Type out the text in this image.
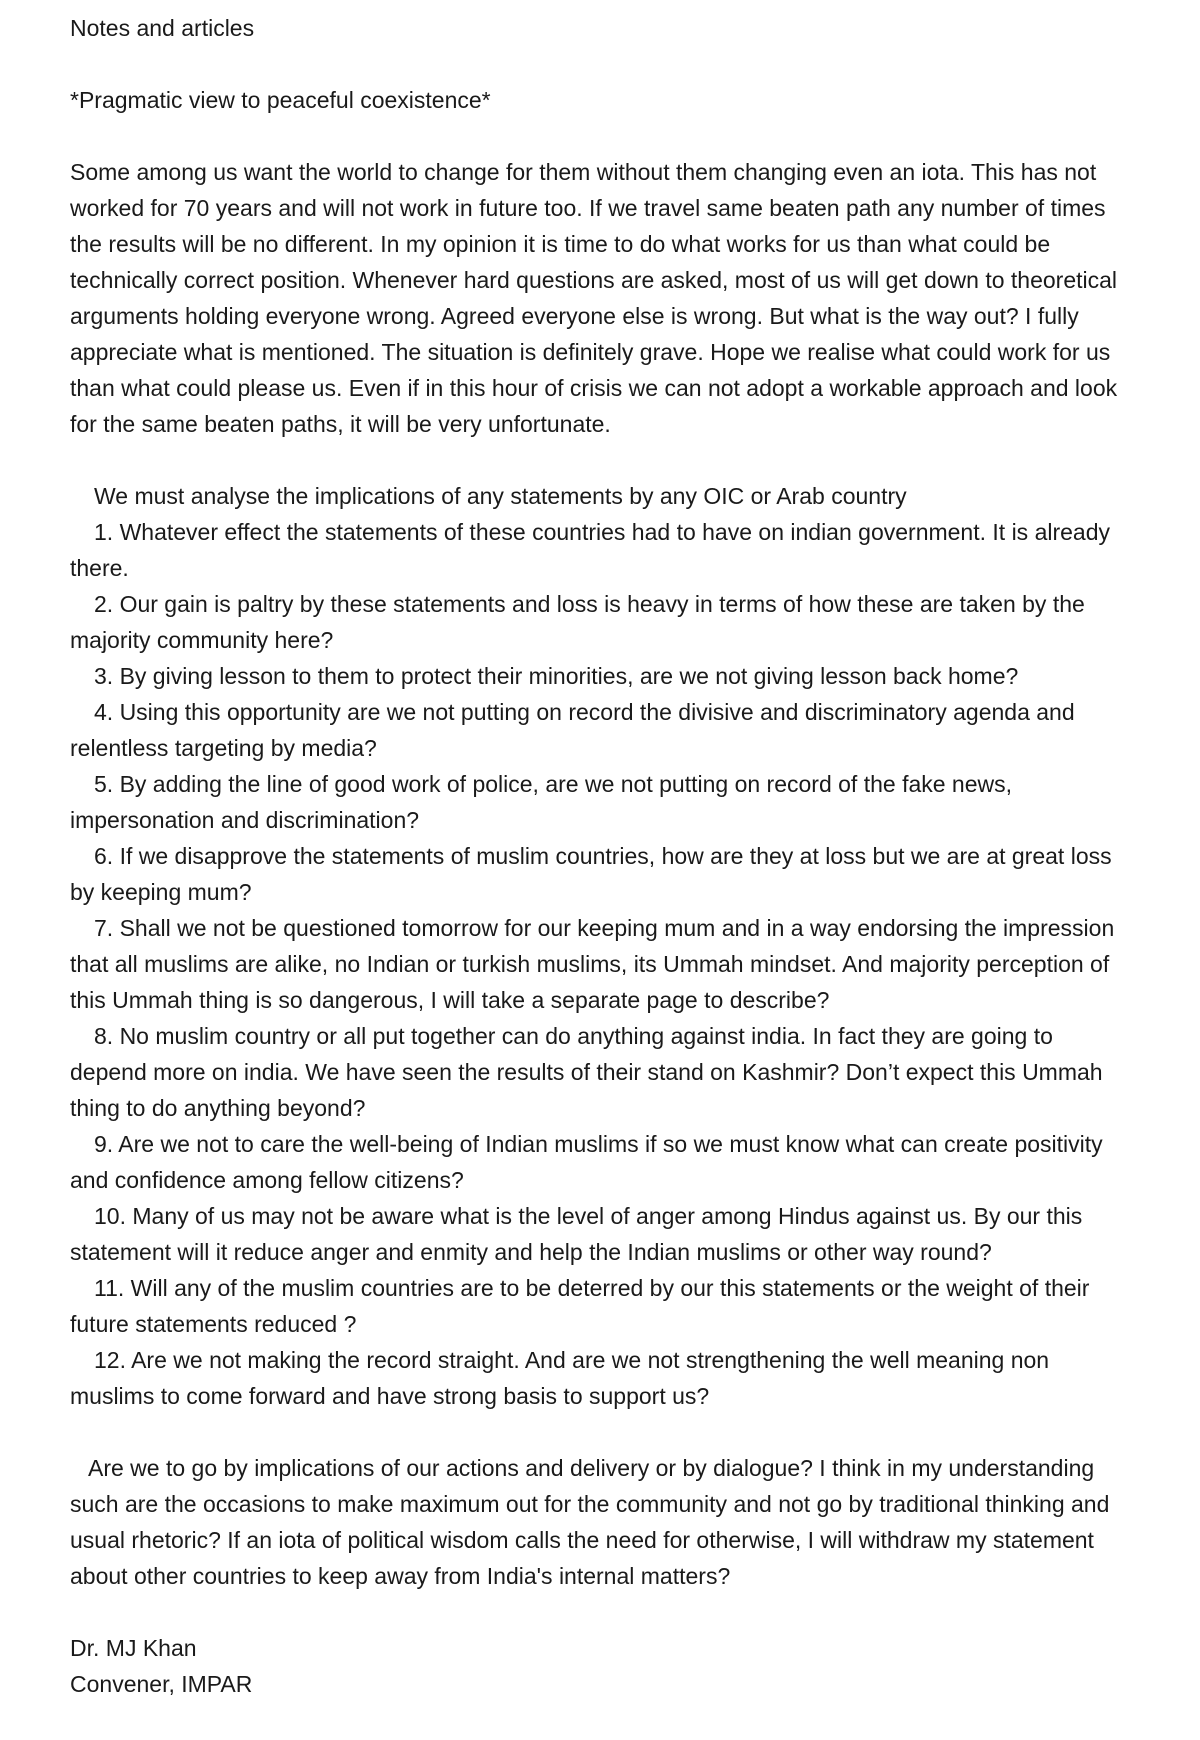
Notes and articles

*Pragmatic view to peaceful coexistence*

Some among us want the world to change for them without them changing even an iota. This has not worked for 70 years and will not work in future too. If we travel same beaten path any number of times the results will be no different. In my opinion it is time to do what works for us than what could be technically correct position. Whenever hard questions are asked, most of us will get down to theoretical arguments holding everyone wrong. Agreed everyone else is wrong. But what is the way out? I fully appreciate what is mentioned. The situation is definitely grave. Hope we realise what could work for us than what could please us. Even if in this hour of crisis we can not adopt a workable approach and look for the same beaten paths, it will be very unfortunate.

We must analyse the implications of any statements by any OIC or Arab country

1. Whatever effect the statements of these countries had to have on indian government. It is already there.
2. Our gain is paltry by these statements and loss is heavy in terms of how these are taken by the majority community here?
3. By giving lesson to them to protect their minorities, are we not giving lesson back home?
4. Using this opportunity are we not putting on record the divisive and discriminatory agenda and relentless targeting by media?
5. By adding the line of good work of police, are we not putting on record of the fake news, impersonation and discrimination?
6. If we disapprove the statements of muslim countries, how are they at loss but we are at great loss by keeping mum?
7. Shall we not be questioned tomorrow for our keeping mum and in a way endorsing the impression that all muslims are alike, no Indian or turkish muslims, its Ummah mindset. And majority perception of this Ummah thing is so dangerous, I will take a separate page to describe?
8. No muslim country or all put together can do anything against india. In fact they are going to depend more on india. We have seen the results of their stand on Kashmir? Don’t expect this Ummah thing to do anything beyond?
9. Are we not to care the well-being of Indian muslims if so we must know what can create positivity and confidence among fellow citizens?
10. Many of us may not be aware what is the level of anger among Hindus against us. By our this statement will it reduce anger and enmity and help the Indian muslims or other way round?
11. Will any of the muslim countries are to be deterred by our this statements or the weight of their future statements reduced ?
12. Are we not making the record straight. And are we not strengthening the well meaning non muslims to come forward and have strong basis to support us?

Are we to go by implications of our actions and delivery or by dialogue? I think in my understanding such are the occasions to make maximum out for the community and not go by traditional thinking and usual rhetoric? If an iota of political wisdom calls the need for otherwise, I will withdraw my statement about other countries to keep away from India's internal matters?

Dr. MJ Khan

Convener, IMPAR
